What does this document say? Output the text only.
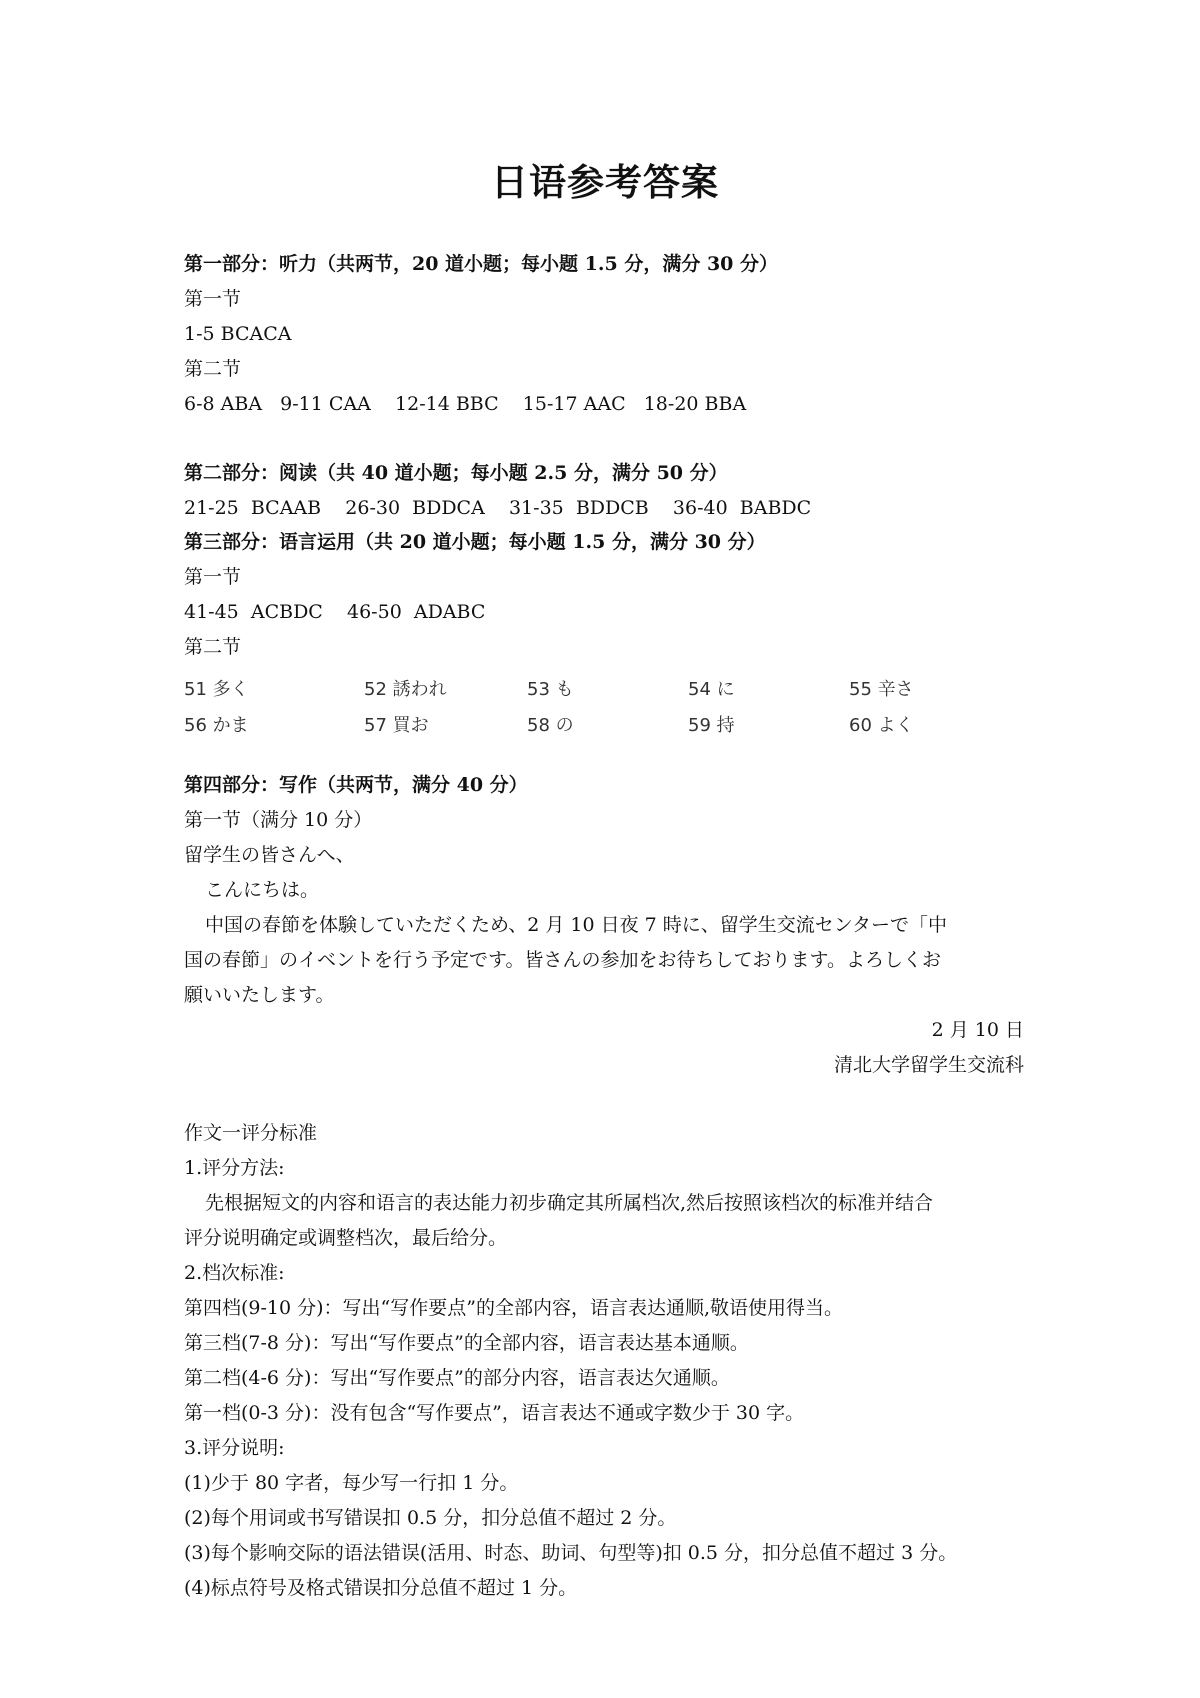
日语参考答案
第一部分：听力（共两节，20 道小题；每小题 1.5 分，满分 30 分）
第一节
1-5 BCACA
第二节
6-8 ABA   9-11 CAA    12-14 BBC    15-17 AAC   18-20 BBA
第二部分：阅读（共 40 道小题；每小题 2.5 分，满分 50 分）
21-25  BCAAB    26-30  BDDCA    31-35  BDDCB    36-40  BABDC
第三部分：语言运用（共 20 道小题；每小题 1.5 分，满分 30 分）
第一节
41-45  ACBDC    46-50  ADABC
第二节
51 多く	52 誘われ	53 も	54 に	55 辛さ
56 かま	57 買お	58 の	59 持	60 よく
第四部分：写作（共两节，满分 40 分）
第一节（满分 10 分）
留学生の皆さんへ、
こんにちは。
中国の春節を体験していただくため、2 月 10 日夜 7 時に、留学生交流センターで「中
国の春節」のイベントを行う予定です。皆さんの参加をお待ちしております。よろしくお
願いいたします。
2 月 10 日
清北大学留学生交流科
作文一评分标准
1.评分方法:
先根据短文的内容和语言的表达能力初步确定其所属档次,然后按照该档次的标准并结合
评分说明确定或调整档次，最后给分。
2.档次标准:
第四档(9-10 分)：写出“写作要点”的全部内容，语言表达通顺,敬语使用得当。
第三档(7-8 分)：写出“写作要点”的全部内容，语言表达基本通顺。
第二档(4-6 分)：写出“写作要点”的部分内容，语言表达欠通顺。
第一档(0-3 分)：没有包含“写作要点”，语言表达不通或字数少于 30 字。
3.评分说明:
(1)少于 80 字者，每少写一行扣 1 分。
(2)每个用词或书写错误扣 0.5 分，扣分总值不超过 2 分。
(3)每个影响交际的语法错误(活用、时态、助词、句型等)扣 0.5 分，扣分总值不超过 3 分。
(4)标点符号及格式错误扣分总值不超过 1 分。
